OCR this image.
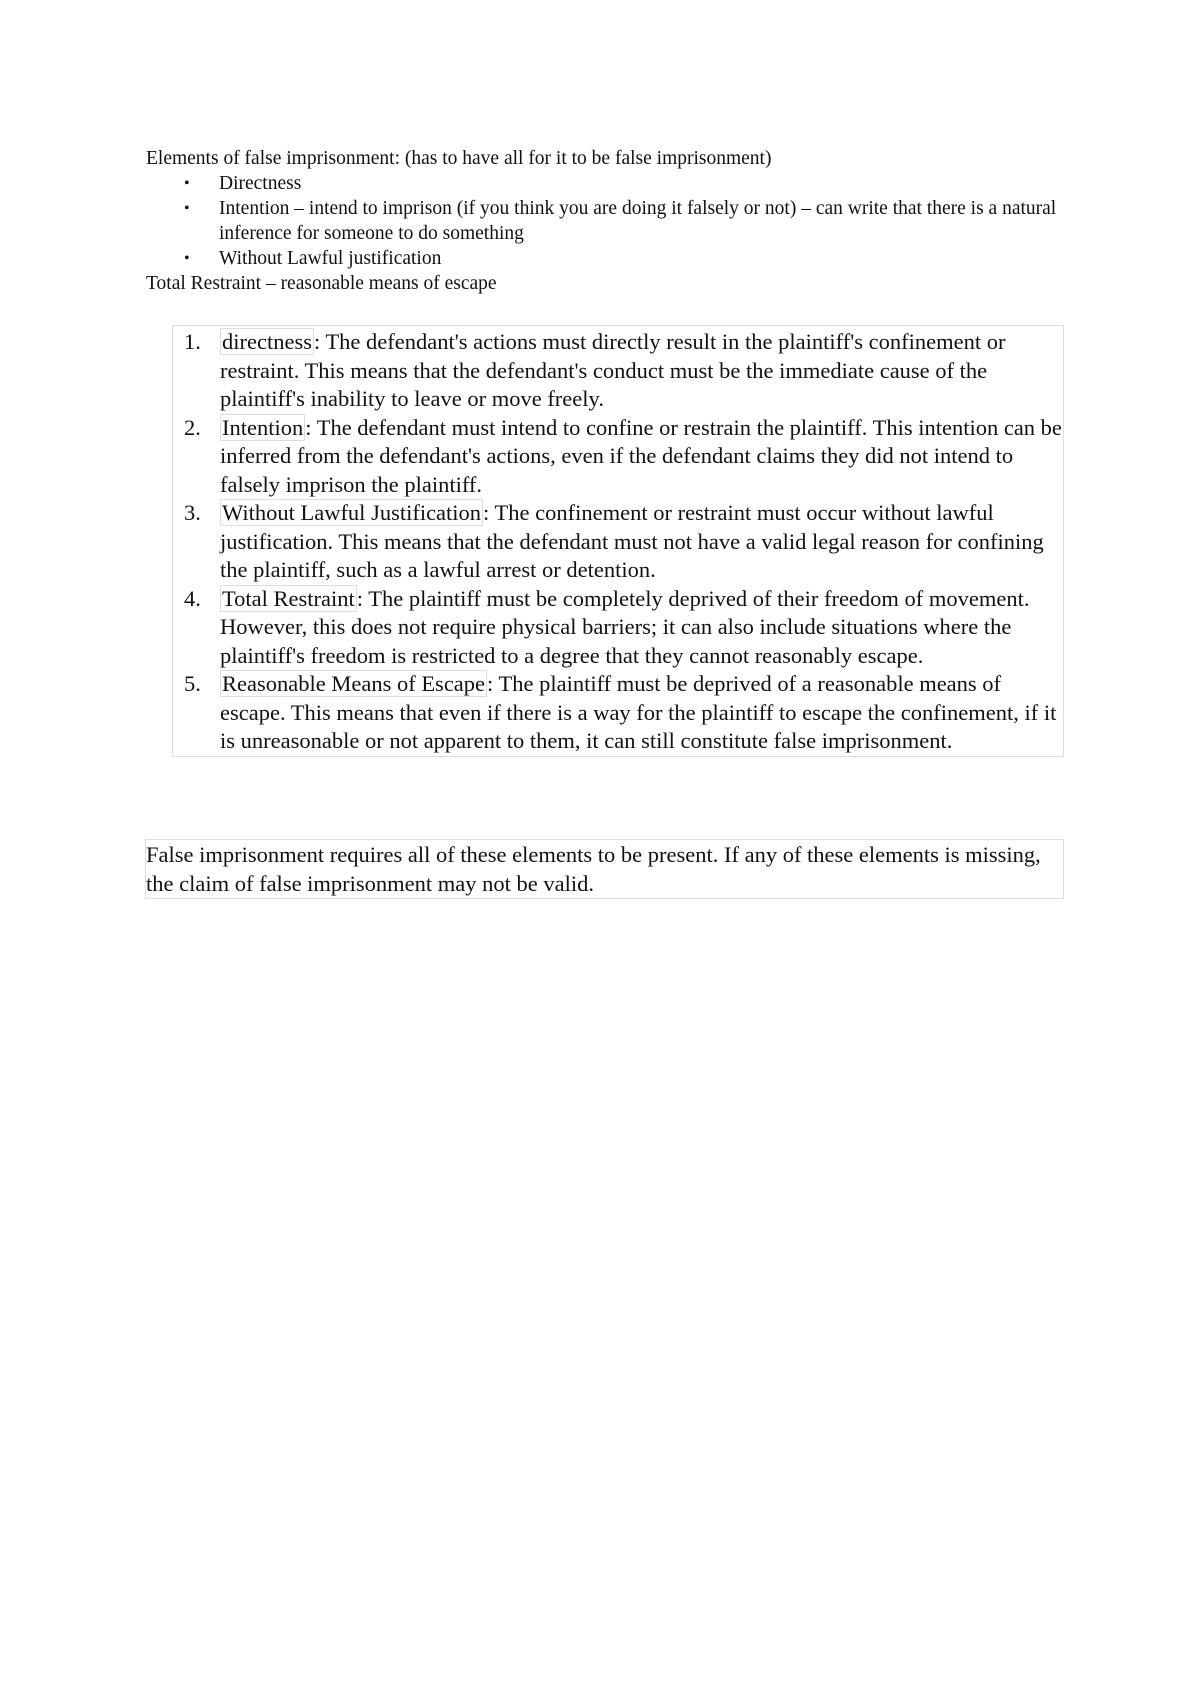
Elements of false imprisonment: (has to have all for it to be false imprisonment)

• Directness
• Intention – intend to imprison (if you think you are doing it falsely or not) – can write that there is a natural inference for someone to do something
• Without Lawful justification

Total Restraint – reasonable means of escape

1. directness: The defendant's actions must directly result in the plaintiff's confinement or restraint. This means that the defendant's conduct must be the immediate cause of the plaintiff's inability to leave or move freely.
2. Intention: The defendant must intend to confine or restrain the plaintiff. This intention can be inferred from the defendant's actions, even if the defendant claims they did not intend to falsely imprison the plaintiff.
3. Without Lawful Justification: The confinement or restraint must occur without lawful justification. This means that the defendant must not have a valid legal reason for confining the plaintiff, such as a lawful arrest or detention.
4. Total Restraint: The plaintiff must be completely deprived of their freedom of movement. However, this does not require physical barriers; it can also include situations where the plaintiff's freedom is restricted to a degree that they cannot reasonably escape.
5. Reasonable Means of Escape: The plaintiff must be deprived of a reasonable means of escape. This means that even if there is a way for the plaintiff to escape the confinement, if it is unreasonable or not apparent to them, it can still constitute false imprisonment.

False imprisonment requires all of these elements to be present. If any of these elements is missing, the claim of false imprisonment may not be valid.
